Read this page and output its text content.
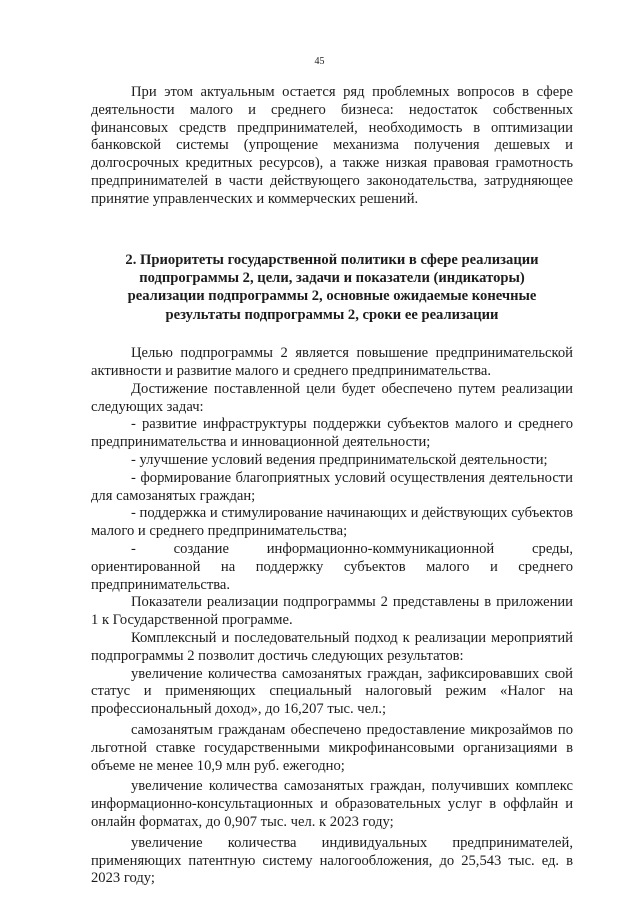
45

При этом актуальным остается ряд проблемных вопросов в сфере деятельности малого и среднего бизнеса: недостаток собственных финансовых средств предпринимателей, необходимость в оптимизации банковской системы (упрощение механизма получения дешевых и долгосрочных кредитных ресурсов), а также низкая правовая грамотность предпринимателей в части действующего законодательства, затрудняющее принятие управленческих и коммерческих решений.

2. Приоритеты государственной политики в сфере реализации
подпрограммы 2, цели, задачи и показатели (индикаторы)
реализации подпрограммы 2, основные ожидаемые конечные
результаты подпрограммы 2, сроки ее реализации

Целью подпрограммы 2 является повышение предпринимательской активности и развитие малого и среднего предпринимательства.

Достижение поставленной цели будет обеспечено путем реализации следующих задач:

- развитие инфраструктуры поддержки субъектов малого и среднего предпринимательства и инновационной деятельности;

- улучшение условий ведения предпринимательской деятельности;

- формирование благоприятных условий осуществления деятельности для самозанятых граждан;

- поддержка и стимулирование начинающих и действующих субъектов малого и среднего предпринимательства;

- создание информационно-коммуникационной среды, ориентированной на поддержку субъектов малого и среднего предпринимательства.

Показатели реализации подпрограммы 2 представлены в приложении 1 к Государственной программе.

Комплексный и последовательный подход к реализации мероприятий подпрограммы 2 позволит достичь следующих результатов:

увеличение количества самозанятых граждан, зафиксировавших свой статус и применяющих специальный налоговый режим «Налог на профессиональный доход», до 16,207 тыс. чел.;

самозанятым гражданам обеспечено предоставление микрозаймов по льготной ставке государственными микрофинансовыми организациями в объеме не менее 10,9 млн руб. ежегодно;

увеличение количества самозанятых граждан, получивших комплекс информационно-консультационных и образовательных услуг в оффлайн и онлайн форматах, до 0,907 тыс. чел. к 2023 году;

увеличение количества индивидуальных предпринимателей, применяющих патентную систему налогообложения, до 25,543 тыс. ед. в 2023 году;
